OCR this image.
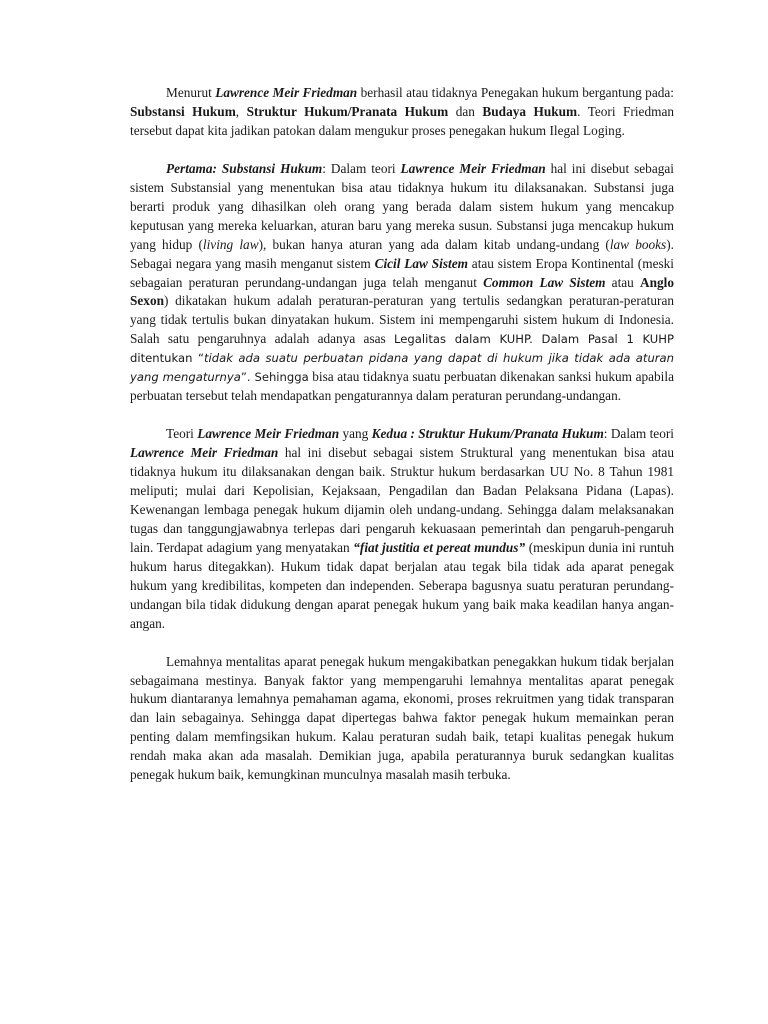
Menurut Lawrence Meir Friedman berhasil atau tidaknya Penegakan hukum bergantung pada: Substansi Hukum, Struktur Hukum/Pranata Hukum dan Budaya Hukum. Teori Friedman tersebut dapat kita jadikan patokan dalam mengukur proses penegakan hukum Ilegal Loging.

Pertama: Substansi Hukum: Dalam teori Lawrence Meir Friedman hal ini disebut sebagai sistem Substansial yang menentukan bisa atau tidaknya hukum itu dilaksanakan. Substansi juga berarti produk yang dihasilkan oleh orang yang berada dalam sistem hukum yang mencakup keputusan yang mereka keluarkan, aturan baru yang mereka susun. Substansi juga mencakup hukum yang hidup (living law), bukan hanya aturan yang ada dalam kitab undang-undang (law books). Sebagai negara yang masih menganut sistem Cicil Law Sistem atau sistem Eropa Kontinental (meski sebagaian peraturan perundang-undangan juga telah menganut Common Law Sistem atau Anglo Sexon) dikatakan hukum adalah peraturan-peraturan yang tertulis sedangkan peraturan-peraturan yang tidak tertulis bukan dinyatakan hukum. Sistem ini mempengaruhi sistem hukum di Indonesia. Salah satu pengaruhnya adalah adanya asas Legalitas dalam KUHP. Dalam Pasal 1 KUHP ditentukan “tidak ada suatu perbuatan pidana yang dapat di hukum jika tidak ada aturan yang mengaturnya”. Sehingga bisa atau tidaknya suatu perbuatan dikenakan sanksi hukum apabila perbuatan tersebut telah mendapatkan pengaturannya dalam peraturan perundang-undangan.

Teori Lawrence Meir Friedman yang Kedua : Struktur Hukum/Pranata Hukum: Dalam teori Lawrence Meir Friedman hal ini disebut sebagai sistem Struktural yang menentukan bisa atau tidaknya hukum itu dilaksanakan dengan baik. Struktur hukum berdasarkan UU No. 8 Tahun 1981 meliputi; mulai dari Kepolisian, Kejaksaan, Pengadilan dan Badan Pelaksana Pidana (Lapas). Kewenangan lembaga penegak hukum dijamin oleh undang-undang. Sehingga dalam melaksanakan tugas dan tanggungjawabnya terlepas dari pengaruh kekuasaan pemerintah dan pengaruh-pengaruh lain. Terdapat adagium yang menyatakan “fiat justitia et pereat mundus” (meskipun dunia ini runtuh hukum harus ditegakkan). Hukum tidak dapat berjalan atau tegak bila tidak ada aparat penegak hukum yang kredibilitas, kompeten dan independen. Seberapa bagusnya suatu peraturan perundang-undangan bila tidak didukung dengan aparat penegak hukum yang baik maka keadilan hanya angan-angan.

Lemahnya mentalitas aparat penegak hukum mengakibatkan penegakkan hukum tidak berjalan sebagaimana mestinya. Banyak faktor yang mempengaruhi lemahnya mentalitas aparat penegak hukum diantaranya lemahnya pemahaman agama, ekonomi, proses rekruitmen yang tidak transparan dan lain sebagainya. Sehingga dapat dipertegas bahwa faktor penegak hukum memainkan peran penting dalam memfingsikan hukum. Kalau peraturan sudah baik, tetapi kualitas penegak hukum rendah maka akan ada masalah. Demikian juga, apabila peraturannya buruk sedangkan kualitas penegak hukum baik, kemungkinan munculnya masalah masih terbuka.
